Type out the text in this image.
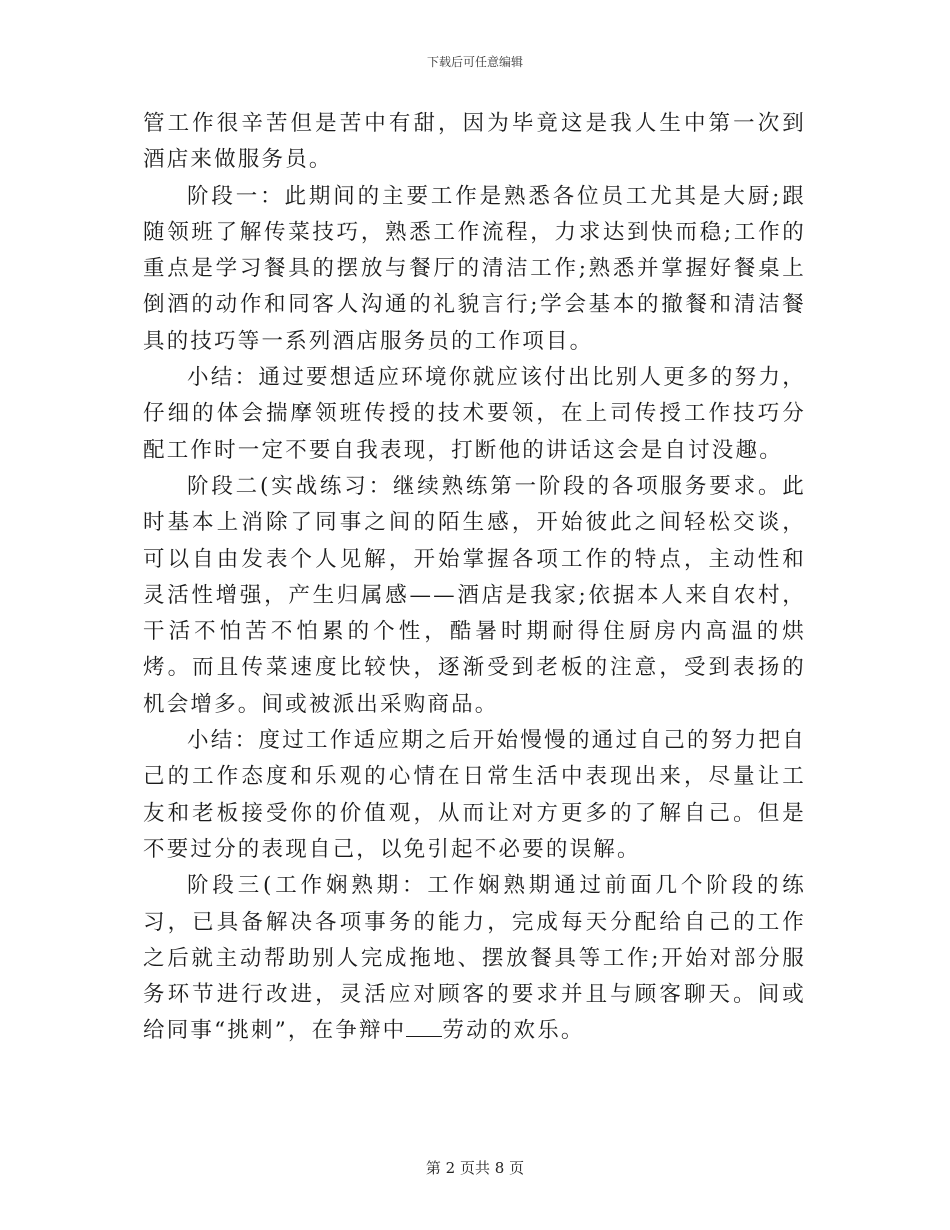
下载后可任意编辑

管工作很辛苦但是苦中有甜，因为毕竟这是我人生中第一次到酒店来做服务员。

阶段一：此期间的主要工作是熟悉各位员工尤其是大厨;跟随领班了解传菜技巧，熟悉工作流程，力求达到快而稳;工作的重点是学习餐具的摆放与餐厅的清洁工作;熟悉并掌握好餐桌上倒酒的动作和同客人沟通的礼貌言行;学会基本的撤餐和清洁餐具的技巧等一系列酒店服务员的工作项目。

小结：通过要想适应环境你就应该付出比别人更多的努力，仔细的体会揣摩领班传授的技术要领，在上司传授工作技巧分配工作时一定不要自我表现，打断他的讲话这会是自讨没趣。

阶段二(实战练习：继续熟练第一阶段的各项服务要求。此时基本上消除了同事之间的陌生感，开始彼此之间轻松交谈，可以自由发表个人见解，开始掌握各项工作的特点，主动性和灵活性增强，产生归属感——酒店是我家;依据本人来自农村，干活不怕苦不怕累的个性，酷暑时期耐得住厨房内高温的烘烤。而且传菜速度比较快，逐渐受到老板的注意，受到表扬的机会增多。间或被派出采购商品。

小结：度过工作适应期之后开始慢慢的通过自己的努力把自己的工作态度和乐观的心情在日常生活中表现出来，尽量让工友和老板接受你的价值观，从而让对方更多的了解自己。但是不要过分的表现自己，以免引起不必要的误解。

阶段三(工作娴熟期：工作娴熟期通过前面几个阶段的练习，已具备解决各项事务的能力，完成每天分配给自己的工作之后就主动帮助别人完成拖地、摆放餐具等工作;开始对部分服务环节进行改进，灵活应对顾客的要求并且与顾客聊天。间或给同事“挑刺”，在争辩中 劳动的欢乐。

第 2 页共 8 页
